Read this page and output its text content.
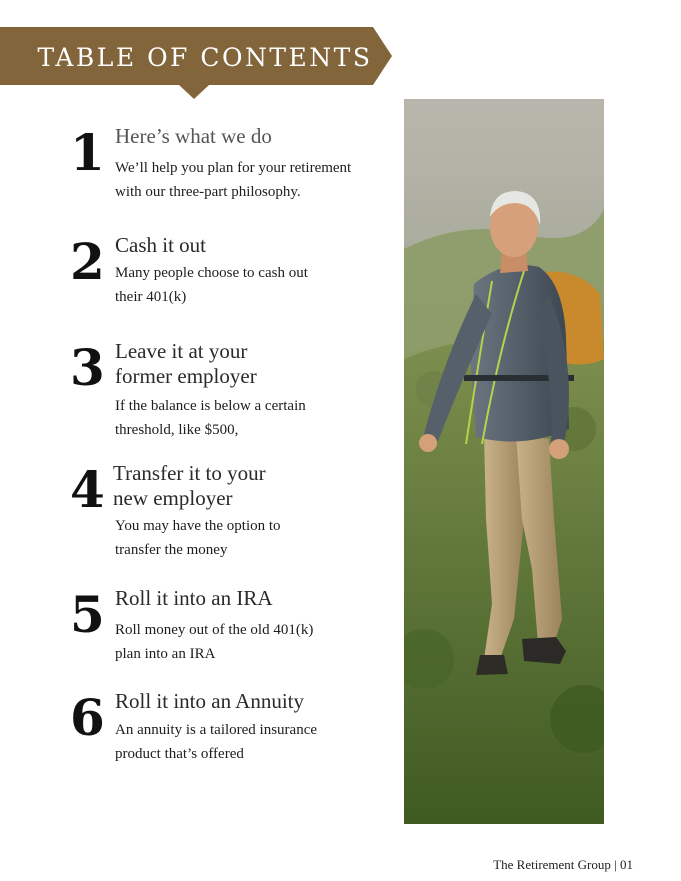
TABLE OF CONTENTS
1 Here’s what we do
We’ll help you plan for your retirement
with our three-part philosophy.
2 Cash it out
Many people choose to cash out
their 401(k)
3 Leave it at your
former employer
If the balance is below a certain
threshold, like $500,
4 Transfer it to your
new employer
You may have the option to
transfer the money
5 Roll it into an IRA
Roll money out of the old 401(k)
plan into an IRA
6 Roll it into an Annuity
An annuity is a tailored insurance
product that’s offered
The Retirement Group | 01
